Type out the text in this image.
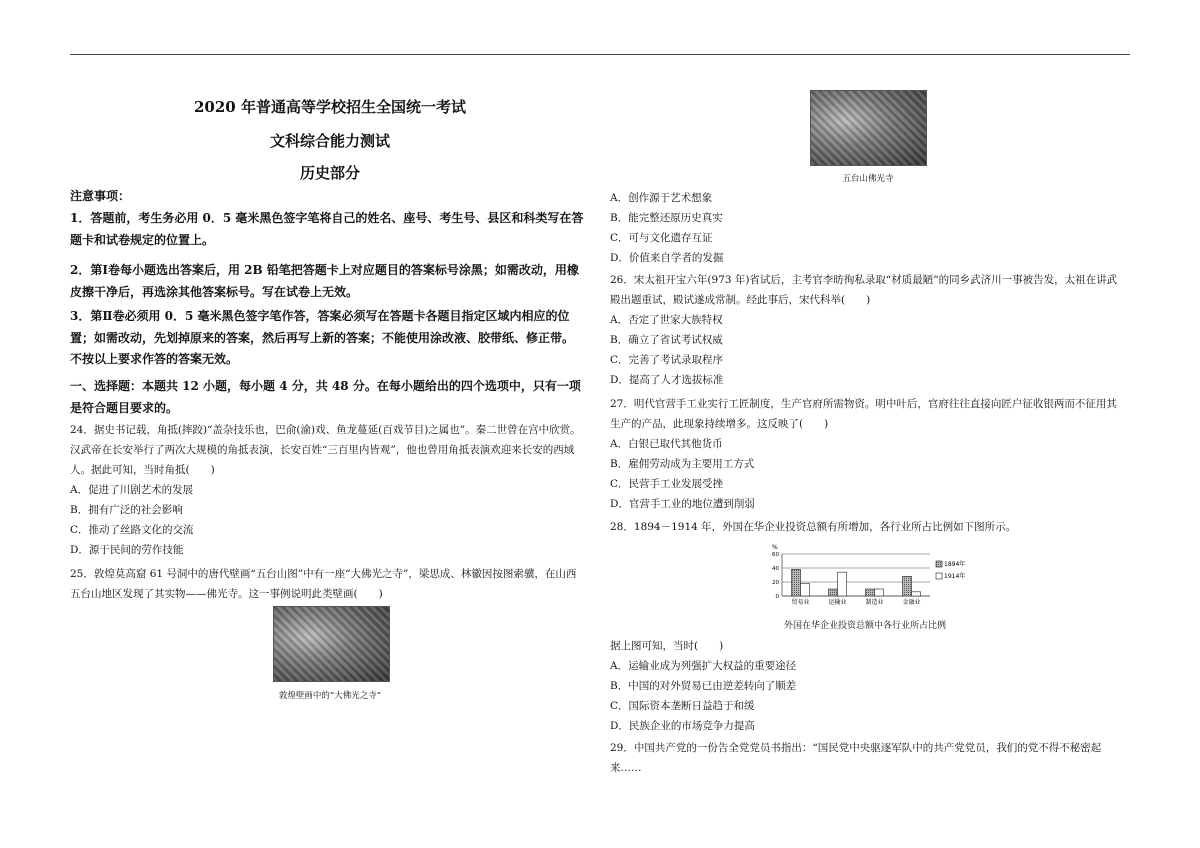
2020 年普通高等学校招生全国统一考试
文科综合能力测试
历史部分
注意事项：
1．答题前，考生务必用 0．5 毫米黑色签字笔将自己的姓名、座号、考生号、县区和科类写在答题卡和试卷规定的位置上。
2．第Ⅰ卷每小题选出答案后，用 2B 铅笔把答题卡上对应题目的答案标号涂黑；如需改动，用橡皮擦干净后，再选涂其他答案标号。写在试卷上无效。
3．第Ⅱ卷必须用 0．5 毫米黑色签字笔作答，答案必须写在答题卡各题目指定区域内相应的位置；如需改动，先划掉原来的答案，然后再写上新的答案；不能使用涂改液、胶带纸、修正带。不按以上要求作答的答案无效。
一、选择题：本题共 12 小题，每小题 4 分，共 48 分。在每小题给出的四个选项中，只有一项是符合题目要求的。
24．据史书记载，角抵(摔跤)“盖杂技乐也，巴俞(渝)戏、鱼龙蔓延(百戏节目)之属也”。秦二世曾在宫中欣赏。汉武帝在长安举行了两次大规模的角抵表演，长安百姓“三百里内皆观”，他也曾用角抵表演欢迎来长安的西域人。据此可知，当时角抵(　　)
A．促进了川剧艺术的发展
B．拥有广泛的社会影响
C．推动了丝路文化的交流
D．源于民间的劳作技能
25．敦煌莫高窟 61 号洞中的唐代壁画“五台山图”中有一座“大佛光之寺”，梁思成、林徽因按图索骥，在山西五台山地区发现了其实物——佛光寺。这一事例说明此类壁画(　　)
敦煌壁画中的“大佛光之寺”
五台山佛光寺
A．创作源于艺术想象
B．能完整还原历史真实
C．可与文化遗存互证
D．价值来自学者的发掘
26．宋太祖开宝六年(973 年)省试后，主考官李昉徇私录取“材质最陋”的同乡武济川一事被告发，太祖在讲武殿出题重试，殿试遂成常制。经此事后，宋代科举(　　)
A．否定了世家大族特权
B．确立了省试考试权威
C．完善了考试录取程序
D．提高了人才选拔标准
27．明代官营手工业实行工匠制度，生产官府所需物资。明中叶后，官府往往直接向匠户征收银两而不征用其生产的产品，此现象持续增多。这反映了(　　)
A．白银已取代其他货币
B．雇佣劳动成为主要用工方式
C．民营手工业发展受挫
D．官营手工业的地位遭到削弱
28．1894－1914 年，外国在华企业投资总额有所增加，各行业所占比例如下图所示。
%
0
20
40
60
贸易业	运输业	制造业	金融业
1894年
1914年
外国在华企业投资总额中各行业所占比例
据上图可知，当时(　　)
A．运输业成为列强扩大权益的重要途径
B．中国的对外贸易已由逆差转向了顺差
C．国际资本垄断日益趋于和缓
D．民族企业的市场竞争力提高
29．中国共产党的一份告全党党员书指出：“国民党中央驱逐军队中的共产党党员，我们的党不得不秘密起来……
